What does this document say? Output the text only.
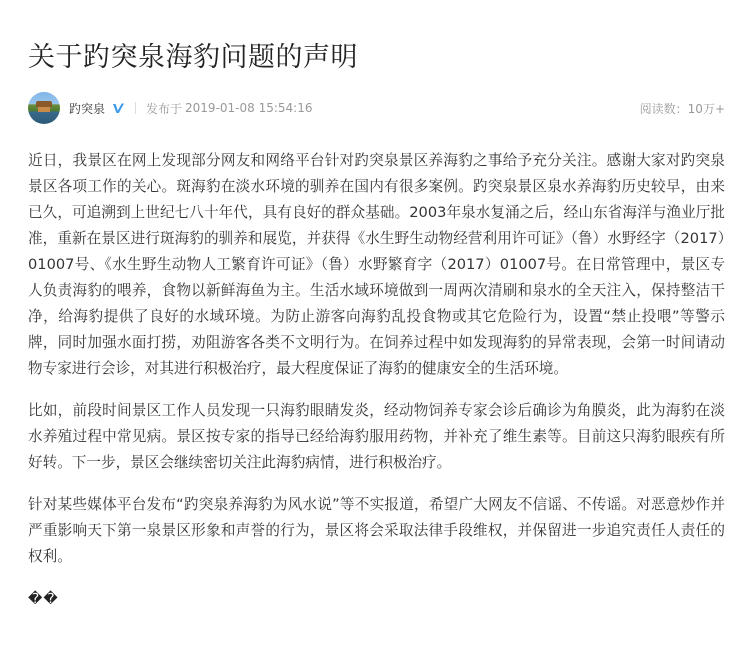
关于趵突泉海豹问题的声明
趵突泉	发布于 2019-01-08 15:54:16	阅读数： 10万+

近日，我景区在网上发现部分网友和网络平台针对趵突泉景区养海豹之事给予充分关注。感谢大家对趵突泉景区各项工作的关心。斑海豹在淡水环境的驯养在国内有很多案例。趵突泉景区泉水养海豹历史较早，由来已久，可追溯到上世纪七八十年代，具有良好的群众基础。2003年泉水复涌之后，经山东省海洋与渔业厅批准，重新在景区进行斑海豹的驯养和展览，并获得《水生野生动物经营利用许可证》（鲁）水野经字（2017）01007号、《水生野生动物人工繁育许可证》（鲁）水野繁育字（2017）01007号。在日常管理中，景区专人负责海豹的喂养，食物以新鲜海鱼为主。生活水域环境做到一周两次清刷和泉水的全天注入，保持整洁干净，给海豹提供了良好的水域环境。为防止游客向海豹乱投食物或其它危险行为，设置“禁止投喂”等警示牌，同时加强水面打捞，劝阻游客各类不文明行为。在饲养过程中如发现海豹的异常表现，会第一时间请动物专家进行会诊，对其进行积极治疗，最大程度保证了海豹的健康安全的生活环境。

比如，前段时间景区工作人员发现一只海豹眼睛发炎，经动物饲养专家会诊后确诊为角膜炎，此为海豹在淡水养殖过程中常见病。景区按专家的指导已经给海豹服用药物，并补充了维生素等。目前这只海豹眼疾有所好转。下一步，景区会继续密切关注此海豹病情，进行积极治疗。

针对某些媒体平台发布“趵突泉养海豹为风水说”等不实报道，希望广大网友不信谣、不传谣。对恶意炒作并严重影响天下第一泉景区形象和声誉的行为，景区将会采取法律手段维权，并保留进一步追究责任人责任的权利。

��
